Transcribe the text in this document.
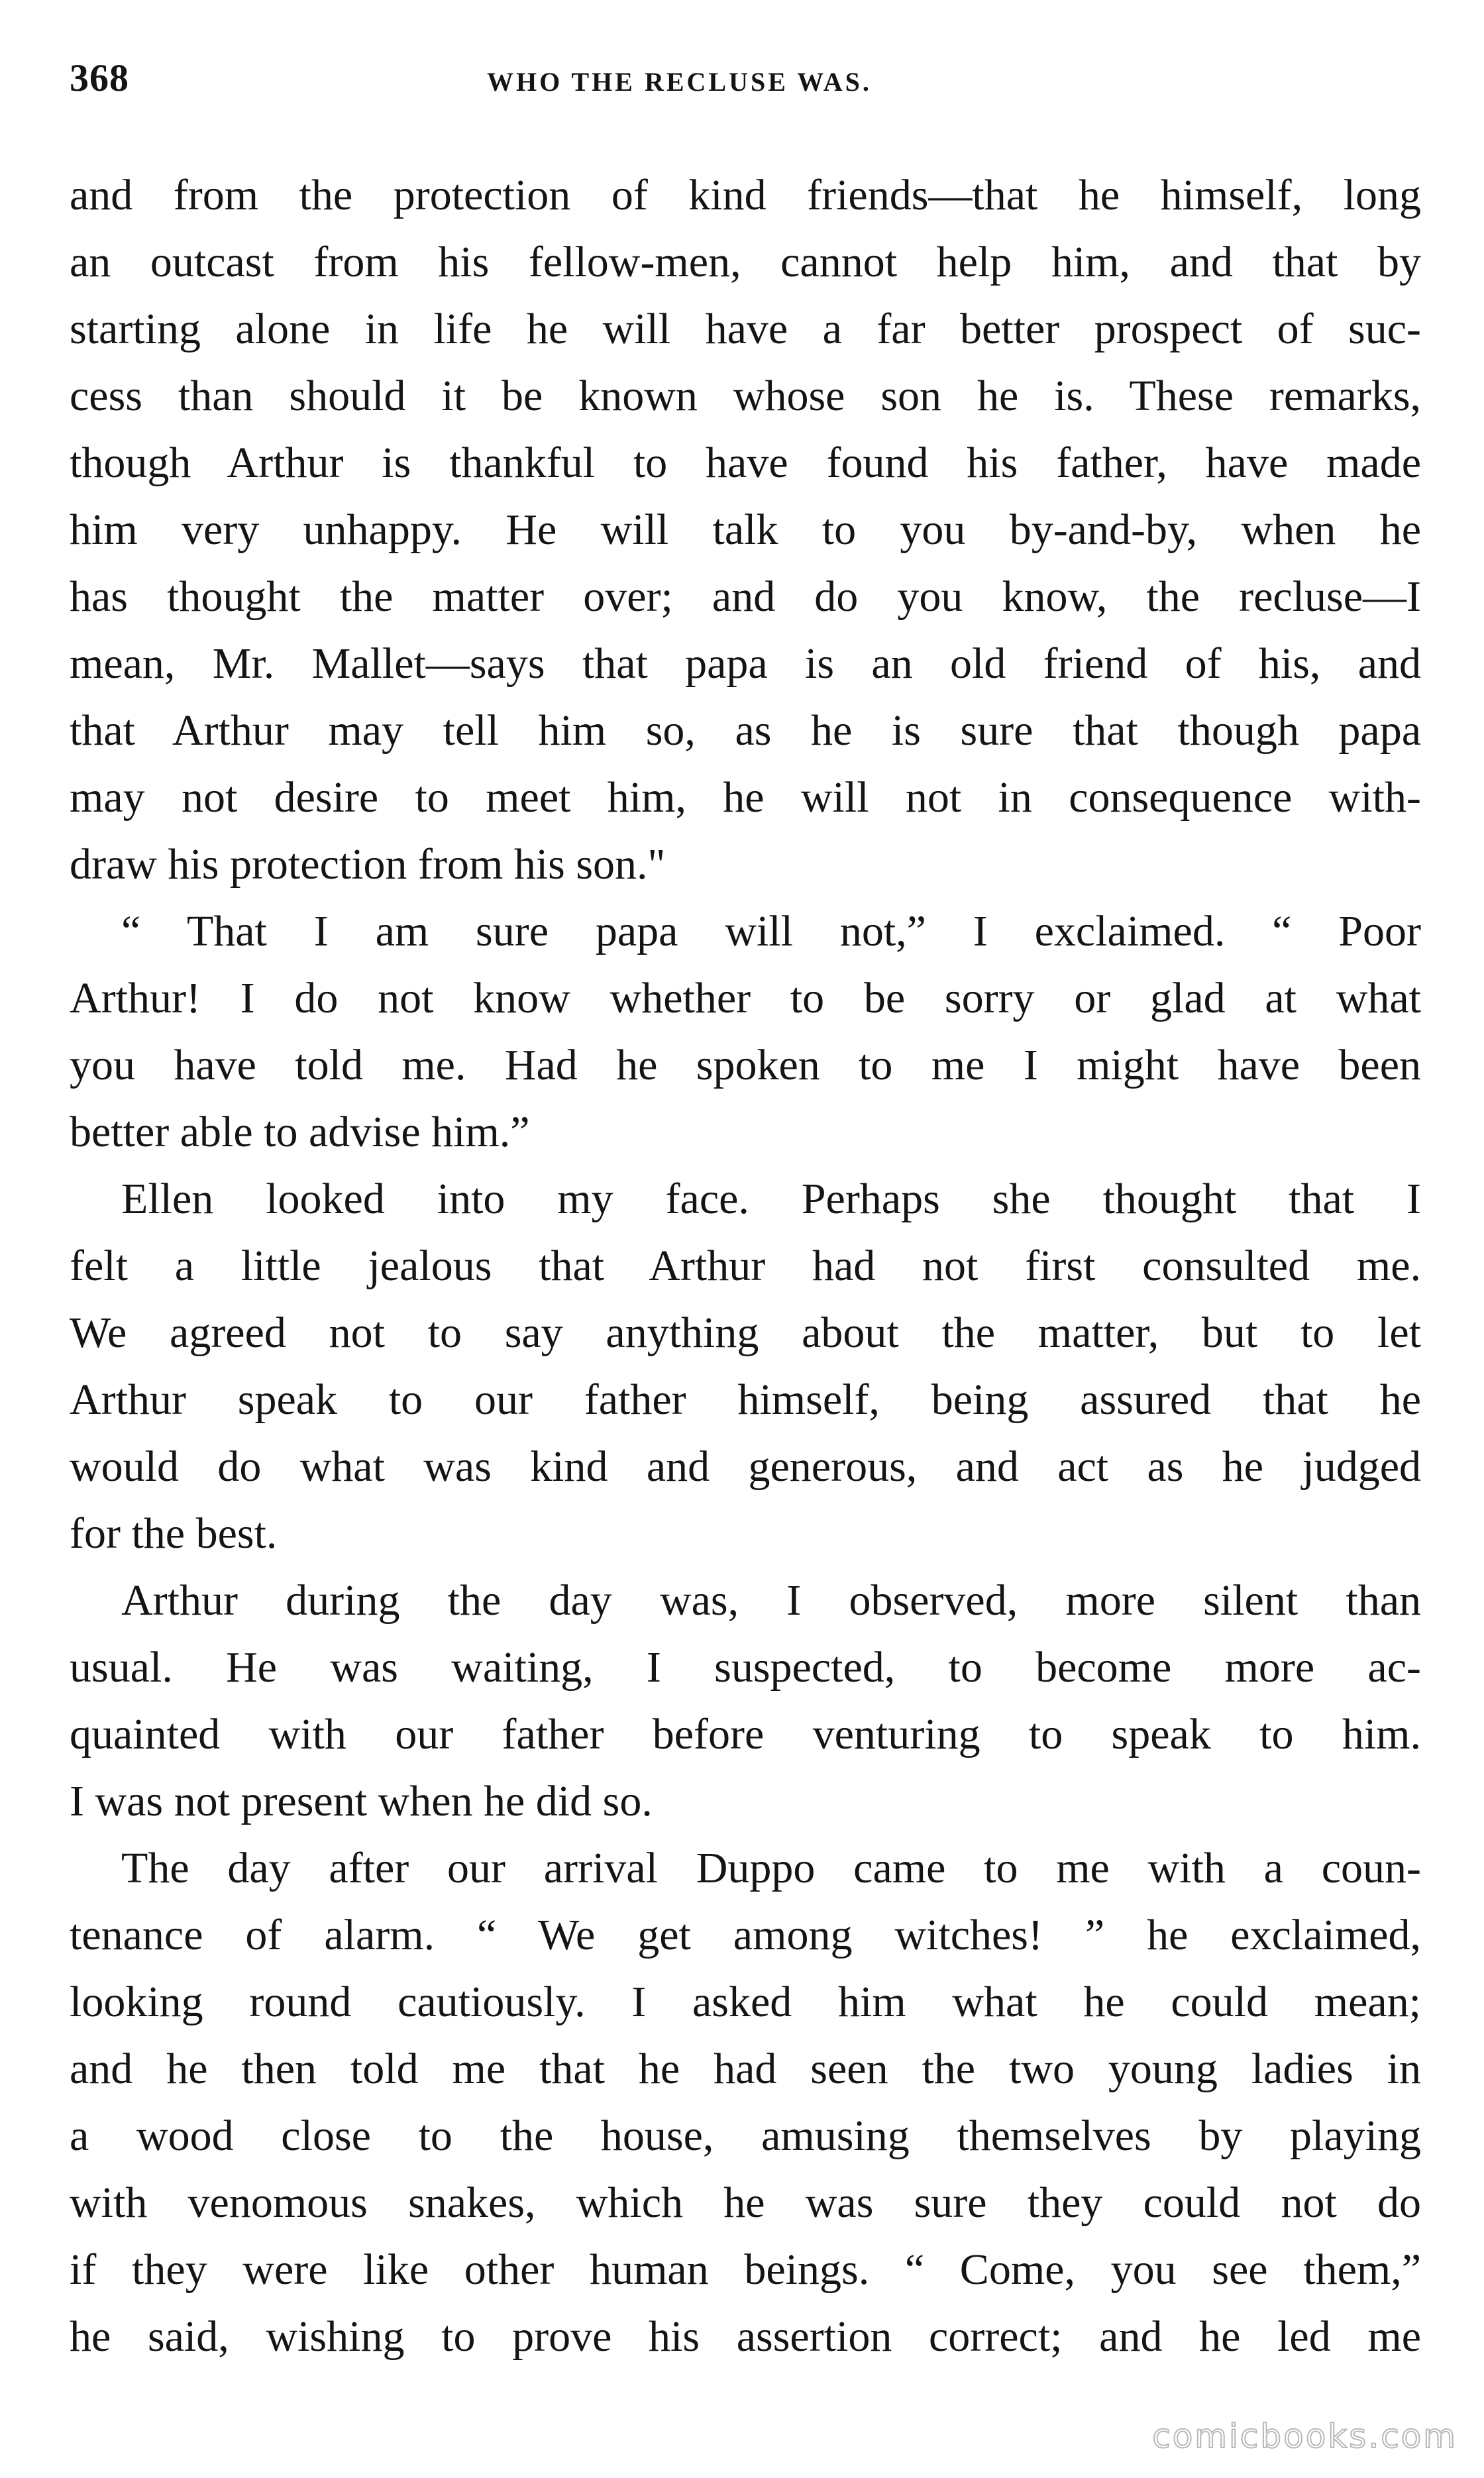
368	WHO THE RECLUSE WAS.
and from the protection of kind friends—that he himself, long
an outcast from his fellow-men, cannot help him, and that by
starting alone in life he will have a far better prospect of suc-
cess than should it be known whose son he is. These remarks,
though Arthur is thankful to have found his father, have made
him very unhappy. He will talk to you by-and-by, when he
has thought the matter over; and do you know, the recluse—I
mean, Mr. Mallet—says that papa is an old friend of his, and
that Arthur may tell him so, as he is sure that though papa
may not desire to meet him, he will not in consequence with-
draw his protection from his son."
“ That I am sure papa will not,” I exclaimed. “ Poor
Arthur! I do not know whether to be sorry or glad at what
you have told me. Had he spoken to me I might have been
better able to advise him.”
Ellen looked into my face. Perhaps she thought that I
felt a little jealous that Arthur had not first consulted me.
We agreed not to say anything about the matter, but to let
Arthur speak to our father himself, being assured that he
would do what was kind and generous, and act as he judged
for the best.
Arthur during the day was, I observed, more silent than
usual. He was waiting, I suspected, to become more ac-
quainted with our father before venturing to speak to him.
I was not present when he did so.
The day after our arrival Duppo came to me with a coun-
tenance of alarm. “ We get among witches! ” he exclaimed,
looking round cautiously. I asked him what he could mean;
and he then told me that he had seen the two young ladies in
a wood close to the house, amusing themselves by playing
with venomous snakes, which he was sure they could not do
if they were like other human beings. “ Come, you see them,”
he said, wishing to prove his assertion correct; and he led me
comicbooks.com
